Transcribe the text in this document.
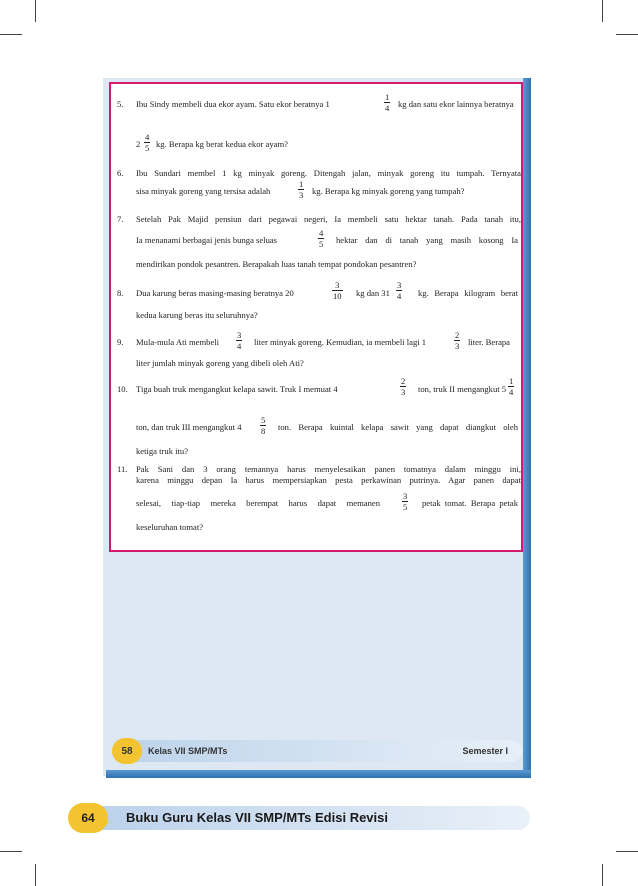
5. Ibu Sindy membeli dua ekor ayam. Satu ekor beratnya 1	$\frac{1}{4}$ kg dan satu ekor lainnya beratnya
$2 \frac{4}{5}$ kg. Berapa kg berat kedua ekor ayam?
6. Ibu Sundari membel 1 kg minyak goreng. Ditengah jalan, minyak goreng itu tumpah. Ternyata
sisa minyak goreng yang tersisa adalah	$\frac{1}{3}$ kg. Berapa kg minyak goreng yang tumpah?
7. Setelah Pak Majid pensiun dari pegawai negeri, Ia membeli satu hektar tanah. Pada tanah itu,
Ia menanami berbagai jenis bunga seluas	$\frac{4}{5}$ hektar dan di tanah yang masih kosong Ia
mendirikan pondok pesantren. Berapakah luas tanah tempat pondokan pesantren?
8. Dua karung beras masing-masing beratnya 20	$\frac{3}{10}$ kg dan $31 \frac{3}{4}$ kg. Berapa kilogram berat
kedua karung beras itu seluruhnya?
9. Mula-mula Ati membeli $\frac{3}{4}$ liter minyak goreng. Kemudian, ia membeli lagi 1	$\frac{2}{3}$ liter. Berapa
liter jumlah minyak goreng yang dibeli oleh Ati?
10. Tiga buah truk mengangkut kelapa sawit. Truk I memuat 4	$\frac{2}{3}$ ton, truk II mengangkut $5 \frac{1}{4}$
ton, dan truk III mengangkut $4 \frac{5}{8}$ ton. Berapa kuintal kelapa sawit yang dapat diangkut oleh
ketiga truk itu?
11. Pak Sani dan 3 orang temannya harus menyelesaikan panen tomatnya dalam minggu ini,
karena minggu depan Ia harus mempersiapkan pesta perkawinan putrinya. Agar panen dapat
selesai, tiap-tiap mereka berempat harus dapat memanen	$\frac{3}{5}$ petak tomat. Berapa petak
keseluruhan tomat?
58	Kelas VII SMP/MTs	Semester I
64	Buku Guru Kelas VII SMP/MTs Edisi Revisi
